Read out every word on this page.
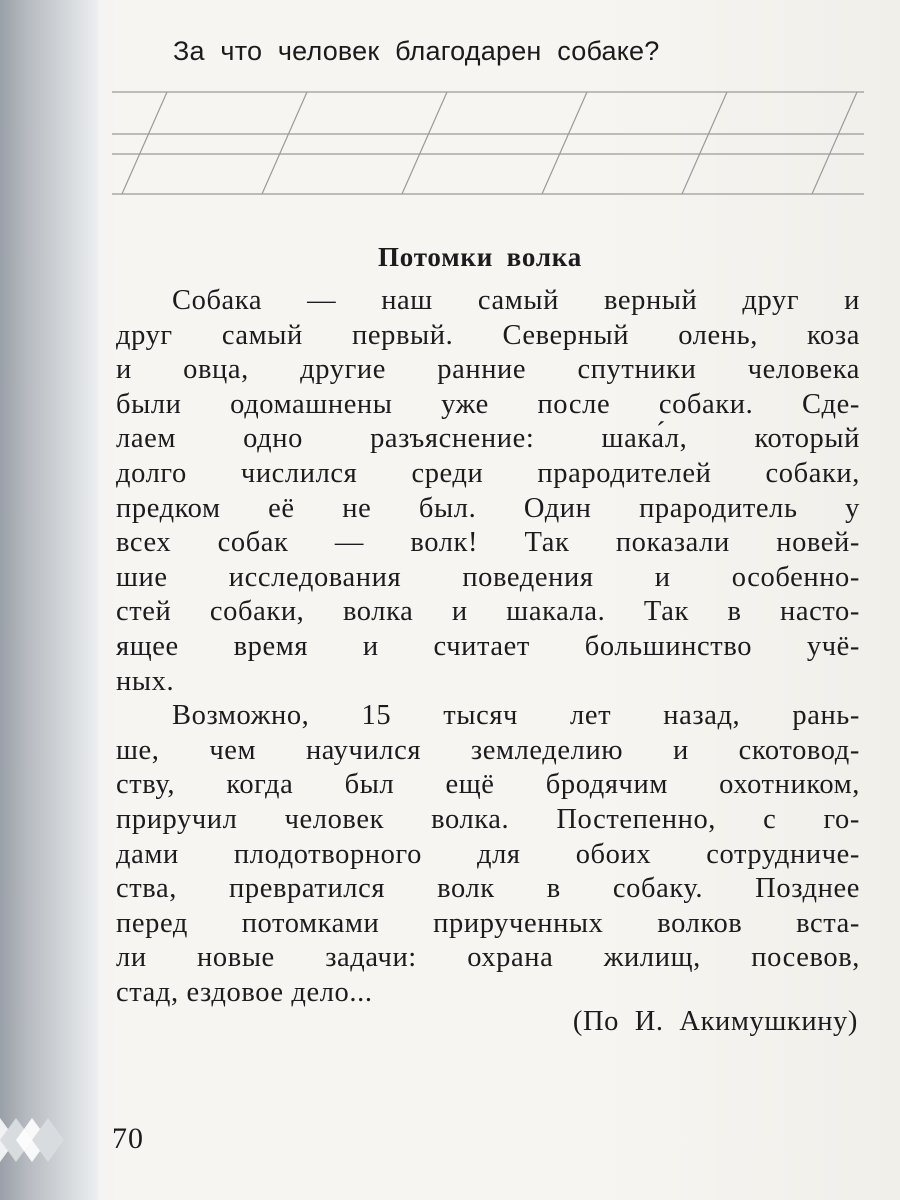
За что человек благодарен собаке?
Потомки волка
Собака — наш самый верный друг и
друг самый первый. Северный олень, коза
и овца, другие ранние спутники человека
были одомашнены уже после собаки. Сде-
лаем одно разъяснение: шака́л, который
долго числился среди прародителей собаки,
предком её не был. Один прародитель у
всех собак — волк! Так показали новей-
шие исследования поведения и особенно-
стей собаки, волка и шакала. Так в насто-
ящее время и считает большинство учё-
ных.
Возможно, 15 тысяч лет назад, рань-
ше, чем научился земледелию и скотовод-
ству, когда был ещё бродячим охотником,
приручил человек волка. Постепенно, с го-
дами плодотворного для обоих сотрудниче-
ства, превратился волк в собаку. Позднее
перед потомками прирученных волков вста-
ли новые задачи: охрана жилищ, посевов,
стад, ездовое дело...
(По И. Акимушкину)
70
